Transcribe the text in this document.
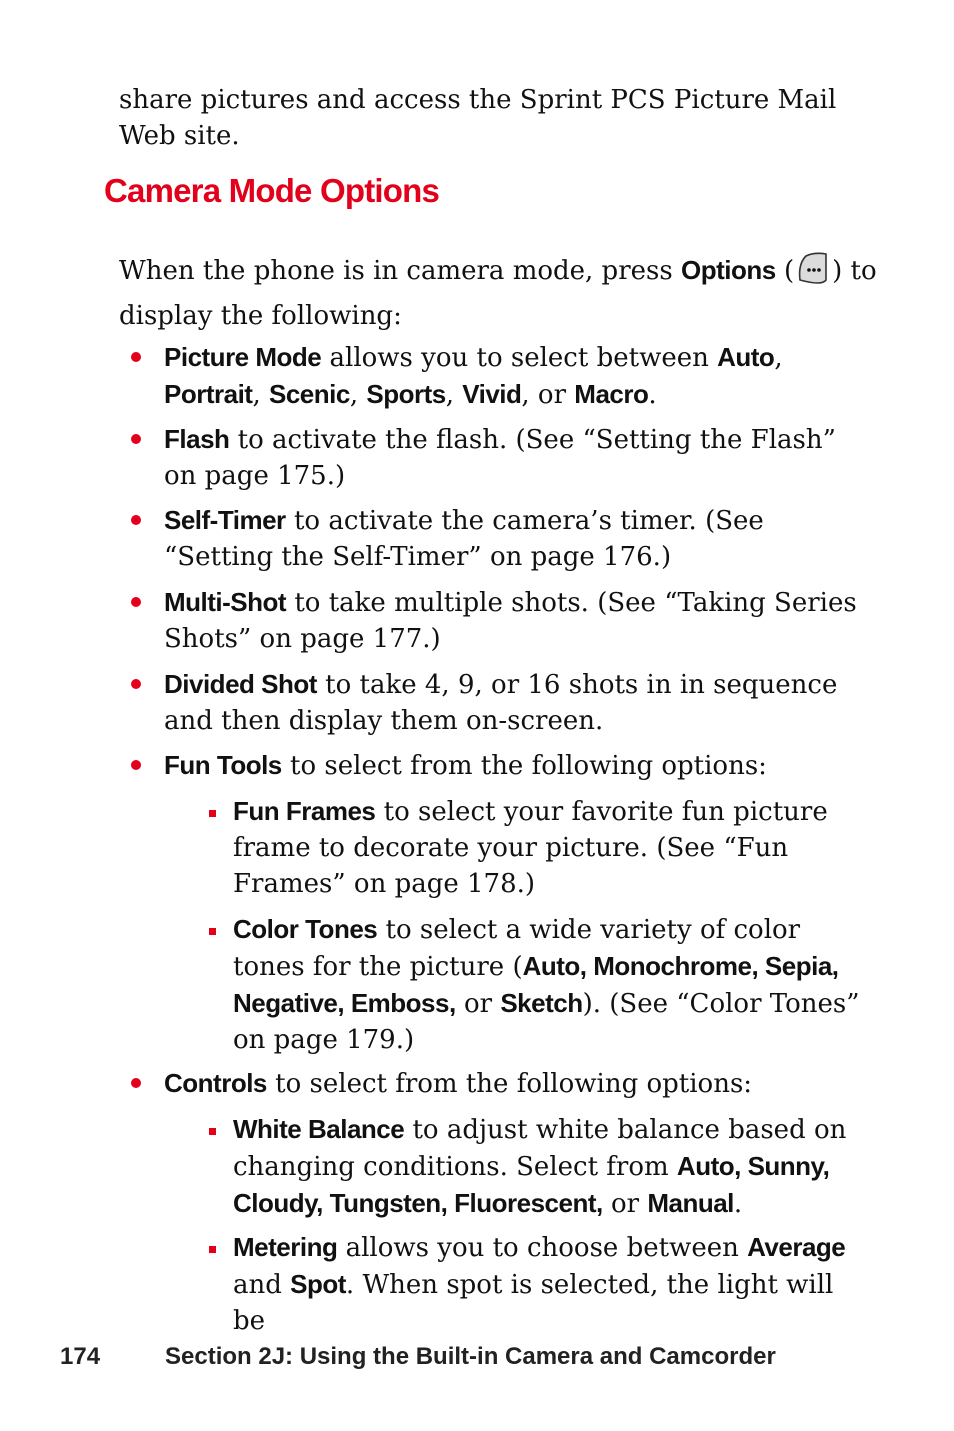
share pictures and access the Sprint PCS Picture Mail Web site.
Camera Mode Options
When the phone is in camera mode, press Options ( ) to display the following:
Picture Mode allows you to select between Auto, Portrait, Scenic, Sports, Vivid, or Macro.
Flash to activate the flash. (See “Setting the Flash” on page 175.)
Self-Timer to activate the camera’s timer. (See “Setting the Self-Timer” on page 176.)
Multi-Shot to take multiple shots. (See “Taking Series Shots” on page 177.)
Divided Shot to take 4, 9, or 16 shots in in sequence and then display them on-screen.
Fun Tools to select from the following options:
Fun Frames to select your favorite fun picture frame to decorate your picture. (See “Fun Frames” on page 178.)
Color Tones to select a wide variety of color tones for the picture (Auto, Monochrome, Sepia, Negative, Emboss, or Sketch). (See “Color Tones” on page 179.)
Controls to select from the following options:
White Balance to adjust white balance based on changing conditions. Select from Auto, Sunny, Cloudy, Tungsten, Fluorescent, or Manual.
Metering allows you to choose between Average and Spot. When spot is selected, the light will be
174	Section 2J: Using the Built-in Camera and Camcorder
